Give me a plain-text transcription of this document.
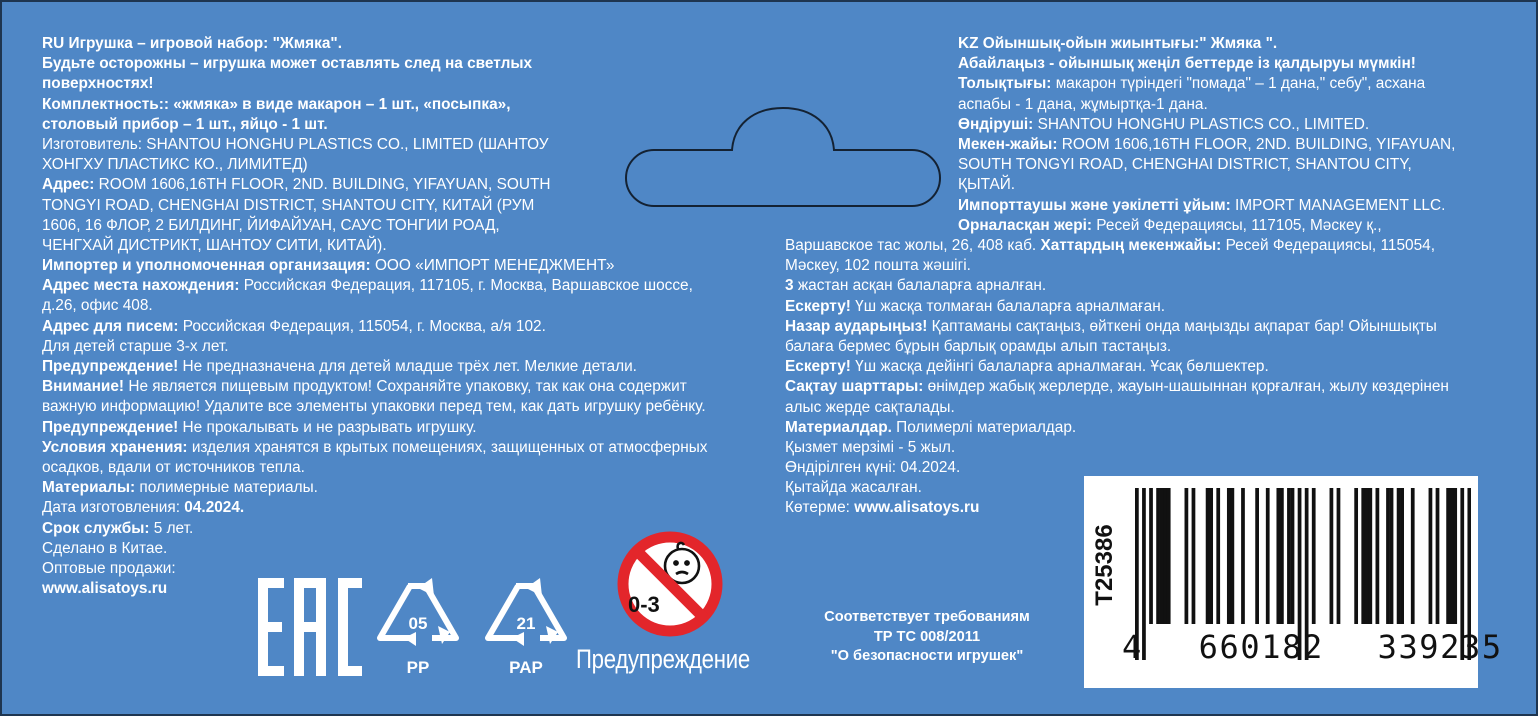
RU Игрушка – игровой набор: "Жмяка".
Будьте осторожны – игрушка может оставлять след на светлых
поверхностях!
Комплектность:: «жмяка» в виде макарон – 1 шт., «посыпка»,
столовый прибор – 1 шт., яйцо - 1 шт.
Изготовитель: SHANTOU HONGHU PLASTICS CO., LIMITED (ШАНТОУ
ХОНГХУ ПЛАСТИКС КО., ЛИМИТЕД)
Адрес: ROOM 1606,16TH FLOOR, 2ND. BUILDING, YIFAYUAN, SOUTH
TONGYI ROAD, CHENGHAI DISTRICT, SHANTOU CITY, КИТАЙ (РУМ
1606, 16 ФЛОР, 2 БИЛДИНГ, ЙИФАЙУАН, САУС ТОНГИИ РОАД,
ЧЕНГХАЙ ДИСТРИКТ, ШАНТОУ СИТИ, КИТАЙ).
Импортер и уполномоченная организация: ООО «ИМПОРТ МЕНЕДЖМЕНТ»
Адрес места нахождения: Российская Федерация, 117105, г. Москва, Варшавское шоссе,
д.26, офис 408.
Адрес для писем: Российская Федерация, 115054, г. Москва, а/я 102.
Для детей старше 3-х лет.
Предупреждение! Не предназначена для детей младше трёх лет. Мелкие детали.
Внимание! Не является пищевым продуктом! Сохраняйте упаковку, так как она содержит
важную информацию! Удалите все элементы упаковки перед тем, как дать игрушку ребёнку.
Предупреждение! Не прокалывать и не разрывать игрушку.
Условия хранения: изделия хранятся в крытых помещениях, защищенных от атмосферных
осадков, вдали от источников тепла.
Материалы: полимерные материалы.
Дата изготовления: 04.2024.
Срок службы: 5 лет.
Сделано в Китае.
Оптовые продажи:
www.alisatoys.ru
KZ Ойыншық-ойын жиынтығы:" Жмяка ".
Абайлаңыз - ойыншық жеңіл беттерде із қалдыруы мүмкін!
Толықтығы: макарон түріндегі "помада" – 1 дана," себу", асхана
аспабы - 1 дана, жұмыртқа-1 дана.
Өндіруші: SHANTOU HONGHU PLASTICS CO., LIMITED.
Мекен-жайы: ROOM 1606,16TH FLOOR, 2ND. BUILDING, YIFAYUAN,
SOUTH TONGYI ROAD, CHENGHAI DISTRICT, SHANTOU CITY,
ҚЫТАЙ.
Импорттаушы және уәкілетті ұйым: IMPORT MANAGEMENT LLC.
Орналасқан жері: Ресей Федерациясы, 117105, Мәскеу қ.,
Варшавское тас жолы, 26, 408 каб. Хаттардың мекенжайы: Ресей Федерациясы, 115054,
Мәскеу, 102 пошта жәшігі.
3 жастан асқан балаларға арналған.
Ескерту! Үш жасқа толмаған балаларға арналмаған.
Назар аударыңыз! Қаптаманы сақтаңыз, өйткені онда маңызды ақпарат бар! Ойыншықты
балаға бермес бұрын барлық орамды алып тастаңыз.
Ескерту! Үш жасқа дейінгі балаларға арналмаған. Ұсақ бөлшектер.
Сақтау шарттары: өнімдер жабық жерлерде, жауын-шашыннан қорғалған, жылу көздерінен
алыс жерде сақталады.
Материалдар. Полимерлі материалдар.
Қызмет мерзімі - 5 жыл.
Өндірілген күні: 04.2024.
Қытайда жасалған.
Көтерме: www.alisatoys.ru
05
PP
21
PAP
0-3
Предупреждение
Соответствует требованиям
ТР ТС 008/2011
"О безопасности игрушек"
T25386
4 660182 339235
